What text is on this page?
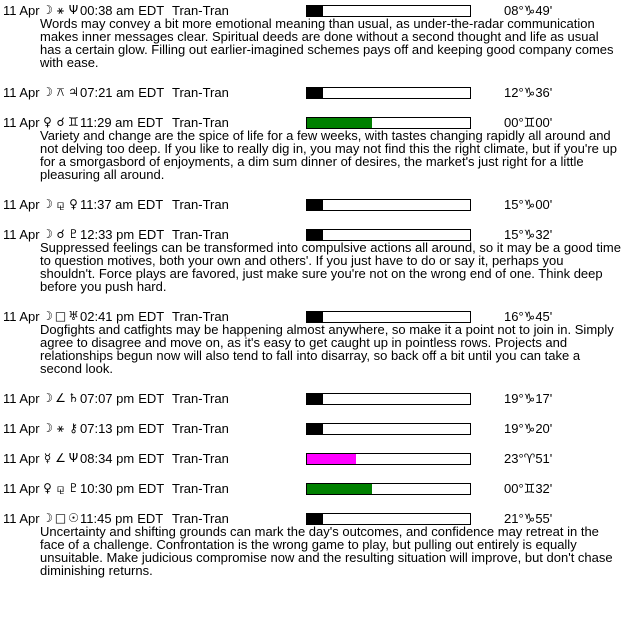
11 Apr ☽ ⚹ Ψ 00:38 am EDT Tran-Tran	08°♑49'
Words may convey a bit more emotional meaning than usual, as under-the-radar communication makes inner messages clear. Spiritual deeds are done without a second thought and life as usual has a certain glow. Filling out earlier-imagined schemes pays off and keeping good company comes with ease.
11 Apr ☽ ⚻ ♃ 07:21 am EDT Tran-Tran	12°♑36'
11 Apr ♀ ☌ ♊ 11:29 am EDT Tran-Tran	00°♊00'
Variety and change are the spice of life for a few weeks, with tastes changing rapidly all around and not delving too deep. If you like to really dig in, you may not find this the right climate, but if you're up for a smorgasbord of enjoyments, a dim sum dinner of desires, the market's just right for a little pleasuring all around.
11 Apr ☽ ⚼ ♀ 11:37 am EDT Tran-Tran	15°♑00'
11 Apr ☽ ☌ ♇ 12:33 pm EDT Tran-Tran	15°♑32'
Suppressed feelings can be transformed into compulsive actions all around, so it may be a good time to question motives, both your own and others'. If you just have to do or say it, perhaps you shouldn't. Force plays are favored, just make sure you're not on the wrong end of one. Think deep before you push hard.
11 Apr ☽ □ ♅ 02:41 pm EDT Tran-Tran	16°♑45'
Dogfights and catfights may be happening almost anywhere, so make it a point not to join in. Simply agree to disagree and move on, as it's easy to get caught up in pointless rows. Projects and relationships begun now will also tend to fall into disarray, so back off a bit until you can take a second look.
11 Apr ☽ ∠ ♄ 07:07 pm EDT Tran-Tran	19°♑17'
11 Apr ☽ ⚹ ⚷ 07:13 pm EDT Tran-Tran	19°♑20'
11 Apr ☿ ∠ Ψ 08:34 pm EDT Tran-Tran	23°♈51'
11 Apr ♀ ⚼ ♇ 10:30 pm EDT Tran-Tran	00°♊32'
11 Apr ☽ □ ☉ 11:45 pm EDT Tran-Tran	21°♑55'
Uncertainty and shifting grounds can mark the day's outcomes, and confidence may retreat in the face of a challenge. Confrontation is the wrong game to play, but pulling out entirely is equally unsuitable. Make judicious compromise now and the resulting situation will improve, but don't chase diminishing returns.
